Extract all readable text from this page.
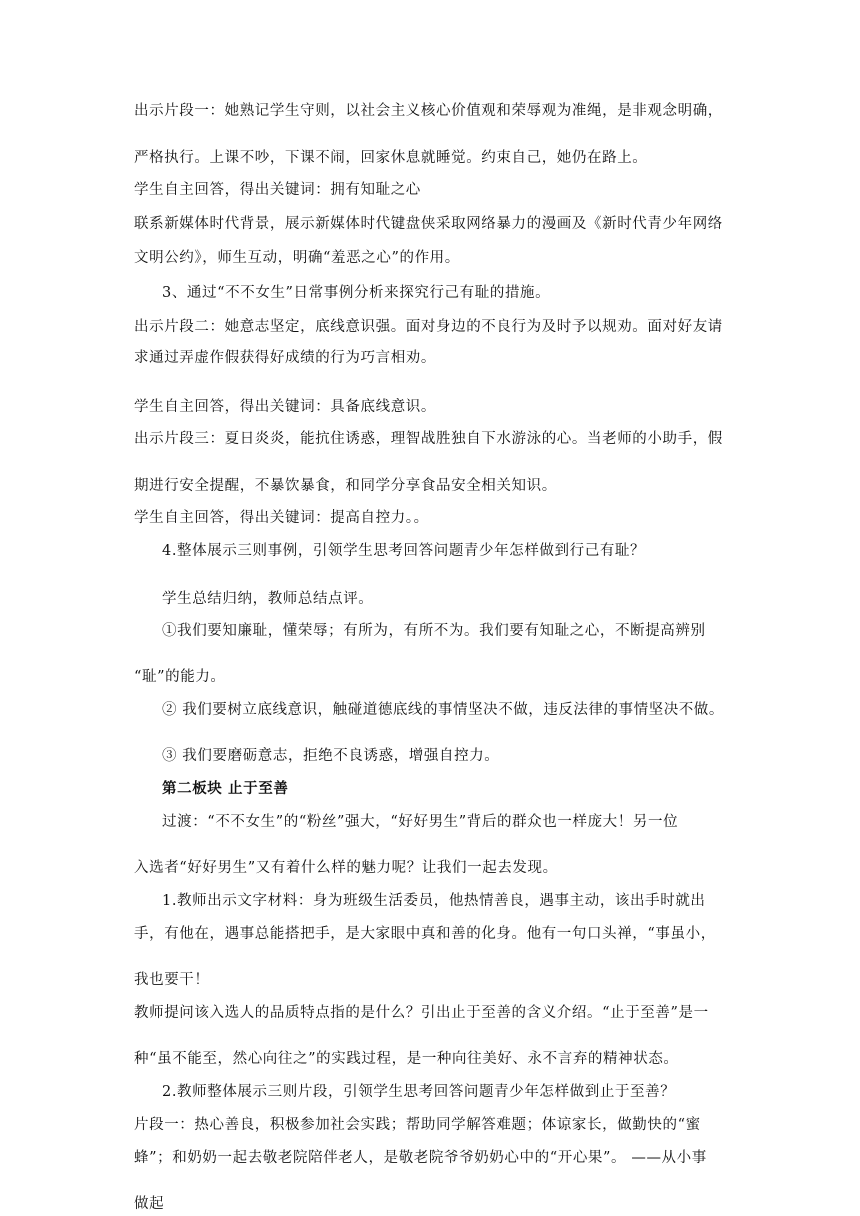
出示片段一：她熟记学生守则，以社会主义核心价值观和荣辱观为准绳，是非观念明确，
严格执行。上课不吵，下课不闹，回家休息就睡觉。约束自己，她仍在路上。
学生自主回答，得出关键词：拥有知耻之心
联系新媒体时代背景，展示新媒体时代键盘侠采取网络暴力的漫画及《新时代青少年网络
文明公约》，师生互动，明确“羞恶之心”的作用。
3、通过“不不女生”日常事例分析来探究行己有耻的措施。
出示片段二：她意志坚定，底线意识强。面对身边的不良行为及时予以规劝。面对好友请
求通过弄虚作假获得好成绩的行为巧言相劝。
学生自主回答，得出关键词：具备底线意识。
出示片段三：夏日炎炎，能抗住诱惑，理智战胜独自下水游泳的心。当老师的小助手，假
期进行安全提醒，不暴饮暴食，和同学分享食品安全相关知识。
学生自主回答，得出关键词：提高自控力。。
4.整体展示三则事例，引领学生思考回答问题青少年怎样做到行己有耻？
学生总结归纳，教师总结点评。
①我们要知廉耻，懂荣辱；有所为，有所不为。我们要有知耻之心，不断提高辨别
“耻”的能力。
② 我们要树立底线意识，触碰道德底线的事情坚决不做，违反法律的事情坚决不做。
③ 我们要磨砺意志，拒绝不良诱惑，增强自控力。
第二板块 止于至善
过渡：“不不女生”的“粉丝”强大，“好好男生”背后的群众也一样庞大！另一位
入选者“好好男生”又有着什么样的魅力呢？让我们一起去发现。
1.教师出示文字材料：身为班级生活委员，他热情善良，遇事主动，该出手时就出
手，有他在，遇事总能搭把手，是大家眼中真和善的化身。他有一句口头禅，“事虽小，
我也要干！
教师提问该入选人的品质特点指的是什么？引出止于至善的含义介绍。“止于至善”是一
种“虽不能至，然心向往之”的实践过程，是一种向往美好、永不言弃的精神状态。
2.教师整体展示三则片段，引领学生思考回答问题青少年怎样做到止于至善？
片段一：热心善良，积极参加社会实践；帮助同学解答难题；体谅家长，做勤快的“蜜
蜂”；和奶奶一起去敬老院陪伴老人，是敬老院爷爷奶奶心中的“开心果”。 ——从小事
做起
